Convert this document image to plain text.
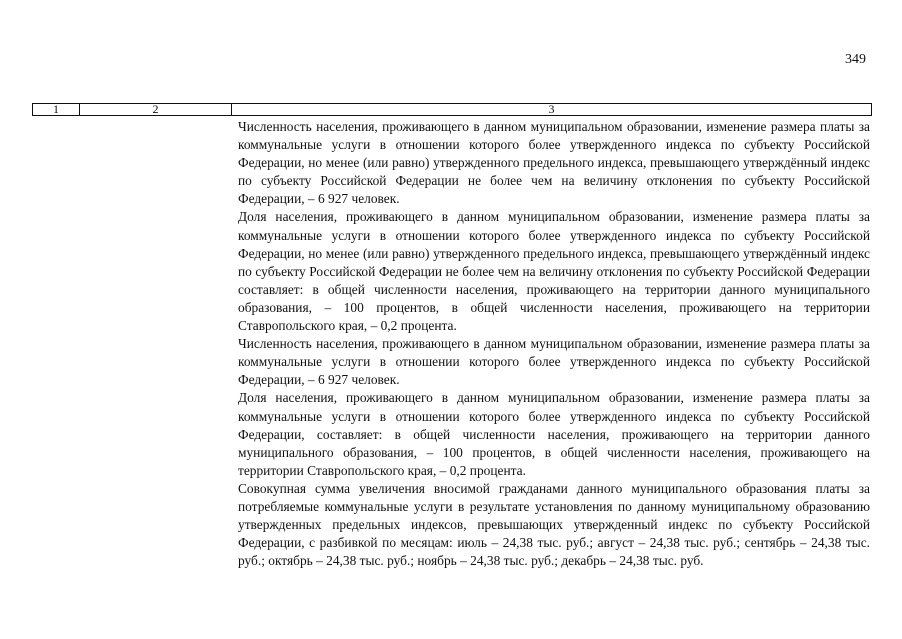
349
1	2	3

Численность населения, проживающего в данном муниципальном образовании, изменение размера платы за коммунальные услуги в отношении которого более утвержденного индекса по субъекту Российской Федерации, но менее (или равно) утвержденного предельного индекса, превышающего утверждённый индекс по субъекту Российской Федерации не более чем на величину отклонения по субъекту Российской Федерации, – 6 927 человек.

Доля населения, проживающего в данном муниципальном образовании, изменение размера платы за коммунальные услуги в отношении которого более утвержденного индекса по субъекту Российской Федерации, но менее (или равно) утвержденного предельного индекса, превышающего утверждённый индекс по субъекту Российской Федерации не более чем на величину отклонения по субъекту Российской Федерации составляет: в общей численности населения, проживающего на территории данного муниципального образования, – 100 процентов, в общей численности населения, проживающего на территории Ставропольского края, – 0,2 процента.

Численность населения, проживающего в данном муниципальном образовании, изменение размера платы за коммунальные услуги в отношении которого более утвержденного индекса по субъекту Российской Федерации, – 6 927 человек.

Доля населения, проживающего в данном муниципальном образовании, изменение размера платы за коммунальные услуги в отношении которого более утвержденного индекса по субъекту Российской Федерации, составляет: в общей численности населения, проживающего на территории данного муниципального образования, – 100 процентов, в общей численности населения, проживающего на территории Ставропольского края, – 0,2 процента.

Совокупная сумма увеличения вносимой гражданами данного муниципального образования платы за потребляемые коммунальные услуги в результате установления по данному муниципальному образованию утвержденных предельных индексов, превышающих утвержденный индекс по субъекту Российской Федерации, с разбивкой по месяцам: июль – 24,38 тыс. руб.; август – 24,38 тыс. руб.; сентябрь – 24,38 тыс. руб.; октябрь – 24,38 тыс. руб.; ноябрь – 24,38 тыс. руб.; декабрь – 24,38 тыс. руб.
